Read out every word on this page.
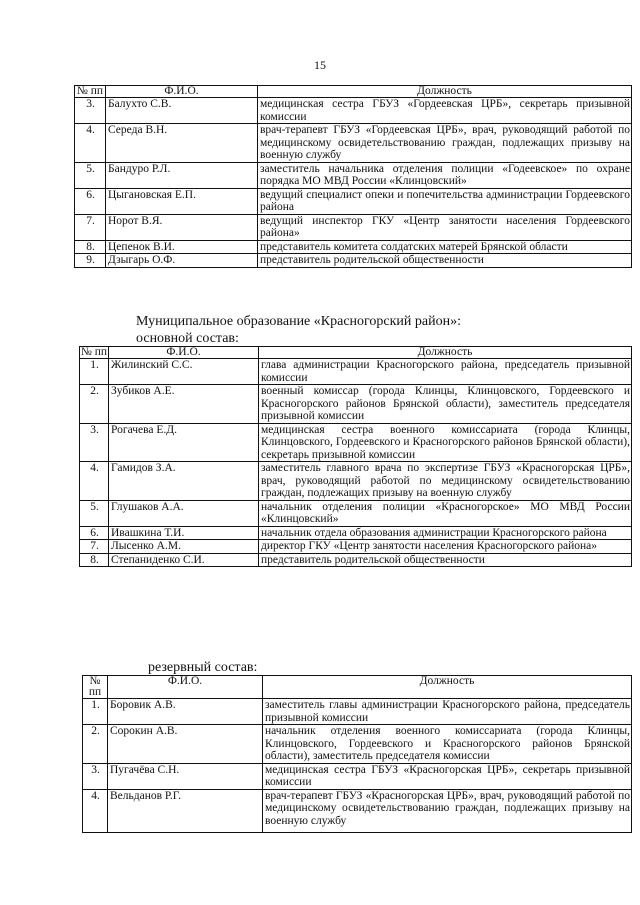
15
№ пп	Ф.И.О.	Должность
3.	Балухто С.В.	медицинская сестра ГБУЗ «Гордеевская ЦРБ», секретарь призывной комиссии
4.	Середа В.Н.	врач-терапевт ГБУЗ «Гордеевская ЦРБ», врач, руководящий работой по медицинскому освидетельствованию граждан, подлежащих призыву на военную службу
5.	Бандуро Р.Л.	заместитель начальника отделения полиции «Годеевское» по охране порядка МО МВД России «Клинцовский»
6.	Цыгановская Е.П.	ведущий специалист опеки и попечительства администрации Гордеевского района
7.	Норот В.Я.	ведущий инспектор ГКУ «Центр занятости населения Гордеевского района»
8.	Цепенок В.И.	представитель комитета солдатских матерей Брянской области
9.	Дзыгарь О.Ф.	представитель родительской общественности
Муниципальное образование «Красногорский район»:
основной состав:
№ пп	Ф.И.О.	Должность
1.	Жилинский С.С.	глава администрации Красногорского района, председатель призывной комиссии
2.	Зубиков А.Е.	военный комиссар (города Клинцы, Клинцовского, Гордеевского и Красногорского районов Брянской области), заместитель председателя призывной комиссии
3.	Рогачева Е.Д.	медицинская сестра военного комиссариата (города Клинцы, Клинцовского, Гордеевского и Красногорского районов Брянской области), секретарь призывной комиссии
4.	Гамидов З.А.	заместитель главного врача по экспертизе ГБУЗ «Красногорская ЦРБ», врач, руководящий работой по медицинскому освидетельствованию граждан, подлежащих призыву на военную службу
5.	Глушаков А.А.	начальник отделения полиции «Красногорское» МО МВД России «Клинцовский»
6.	Ивашкина Т.И.	начальник отдела образования администрации Красногорского района
7.	Лысенко А.М.	директор ГКУ «Центр занятости населения Красногорского района»
8.	Степаниденко С.И.	представитель родительской общественности
резервный состав:
№ пп	Ф.И.О.	Должность
1.	Боровик А.В.	заместитель главы администрации Красногорского района, председатель призывной комиссии
2.	Сорокин А.В.	начальник отделения военного комиссариата (города Клинцы, Клинцовского, Гордеевского и Красногорского районов Брянской области), заместитель председателя комиссии
3.	Пугачёва С.Н.	медицинская сестра ГБУЗ «Красногорская ЦРБ», секретарь призывной комиссии
4.	Вельданов Р.Г.	врач-терапевт ГБУЗ «Красногорская ЦРБ», врач, руководящий работой по медицинскому освидетельствованию граждан, подлежащих призыву на военную службу
